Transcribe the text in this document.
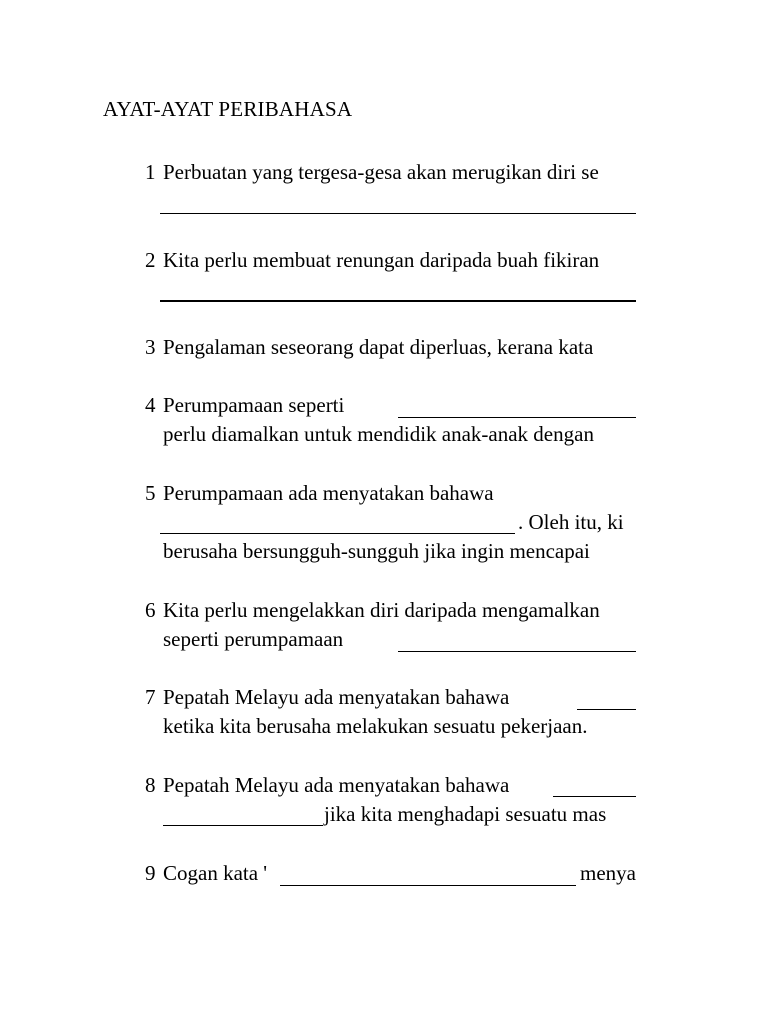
AYAT-AYAT PERIBAHASA
1 Perbuatan yang tergesa-gesa akan merugikan diri se
2 Kita perlu membuat renungan daripada buah fikiran
3 Pengalaman seseorang dapat diperluas, kerana kata
4 Perumpamaan seperti
perlu diamalkan untuk mendidik anak-anak dengan
5 Perumpamaan ada menyatakan bahawa
. Oleh itu, ki
berusaha bersungguh-sungguh jika ingin mencapai
6 Kita perlu mengelakkan diri daripada mengamalkan
seperti perumpamaan
7 Pepatah Melayu ada menyatakan bahawa
ketika kita berusaha melakukan sesuatu pekerjaan.
8 Pepatah Melayu ada menyatakan bahawa
jika kita menghadapi sesuatu mas
9 Cogan kata '	menya
